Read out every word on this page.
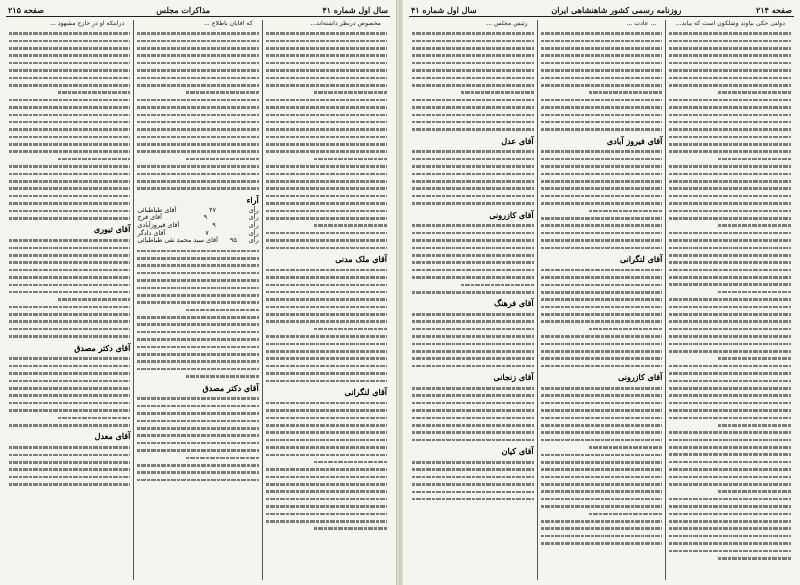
صفحه ۲۱۴
روزنامه رسمی کشور شاهنشاهی ایران
سال اول شماره ۴۱

دولتی حکی بیاوند وشلکون است که بیاید...

... عادت ...

آقای فیروز آبادی
آقای لنگرانی
آقای کازرونی

رئیس مجلس ...

آقای عدل
آقای کازرونی
آقای فرهنگ
آقای زنجانی
آقای کیان
سال اول شماره ۴۱
مذاکرات مجلس
صفحه ۲۱۵

مخصوص درنظر داشته‌اند...

آقای ملک مدنی
آقای لنگرانی

که آقایان باطلاع ...

آراء
رأی
۴۷
آقای طباطبائی
رأی
۹
آقای فرج
رأی
۹
آقای فیروزآبادی
رأی
۷
آقای دادگر
رأی
۹۵
آقای سید محمد تقی طباطبائی
آقای دکتر مصدق

درایتکه او در خارج مشهود ...

آقای تیوری
آقای دکتر مصدق
آقای معدل
